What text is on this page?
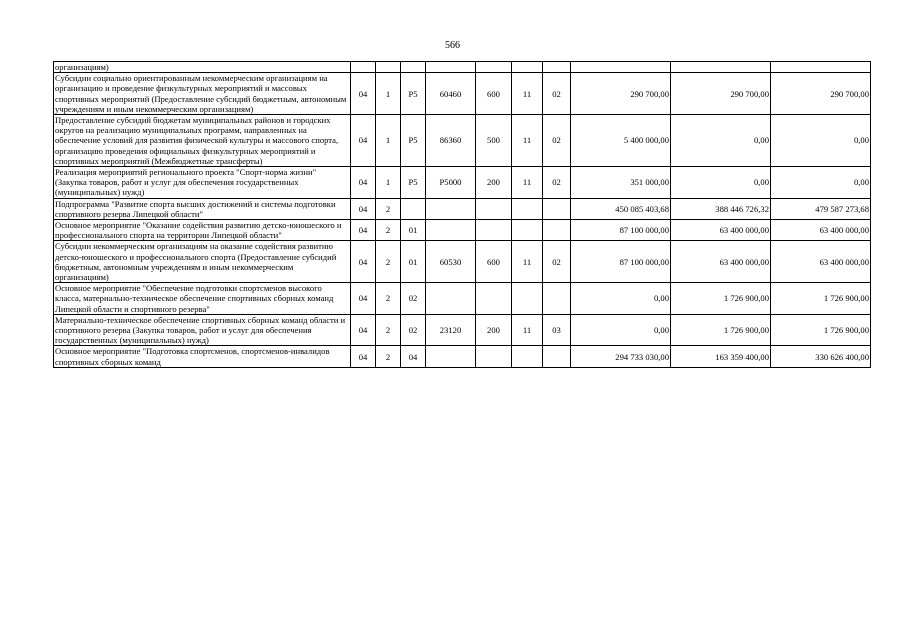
566
организациям)										
Субсидии социально ориентированным некоммерческим организациям на организацию и проведение физкультурных мероприятий и массовых спортивных мероприятий (Предоставление субсидий бюджетным, автономным учреждениям и иным некоммерческим организациям)	04	1	P5	60460	600	11	02	290 700,00	290 700,00	290 700,00
Предоставление субсидий бюджетам муниципальных районов и городских округов на реализацию муниципальных программ, направленных на обеспечение условий для развития физической культуры и массового спорта, организацию проведения официальных физкультурных мероприятий и спортивных мероприятий (Межбюджетные трансферты)	04	1	P5	86360	500	11	02	5 400 000,00	0,00	0,00
Реализация мероприятий регионального проекта "Спорт-норма жизни" (Закупка товаров, работ и услуг для обеспечения государственных (муниципальных) нужд)	04	1	P5	P5000	200	11	02	351 000,00	0,00	0,00
Подпрограмма "Развитие спорта высших достижений и системы подготовки спортивного резерва Липецкой области"	04	2						450 085 403,68	388 446 726,32	479 587 273,68
Основное мероприятие "Оказание содействия развитию детско-юношеского и профессионального спорта на территории Липецкой области"	04	2	01					87 100 000,00	63 400 000,00	63 400 000,00
Субсидии некоммерческим организациям на оказание содействия развитию детско-юношеского и профессионального спорта (Предоставление субсидий бюджетным, автономным учреждениям и иным некоммерческим организациям)	04	2	01	60530	600	11	02	87 100 000,00	63 400 000,00	63 400 000,00
Основное мероприятие "Обеспечение подготовки спортсменов высокого класса, материально-техническое обеспечение спортивных сборных команд Липецкой области и спортивного резерва"	04	2	02					0,00	1 726 900,00	1 726 900,00
Материально-техническое обеспечение спортивных сборных команд области и спортивного резерва (Закупка товаров, работ и услуг для обеспечения государственных (муниципальных) нужд)	04	2	02	23120	200	11	03	0,00	1 726 900,00	1 726 900,00
Основное мероприятие "Подготовка спортсменов, спортсменов-инвалидов спортивных сборных команд	04	2	04					294 733 030,00	163 359 400,00	330 626 400,00
